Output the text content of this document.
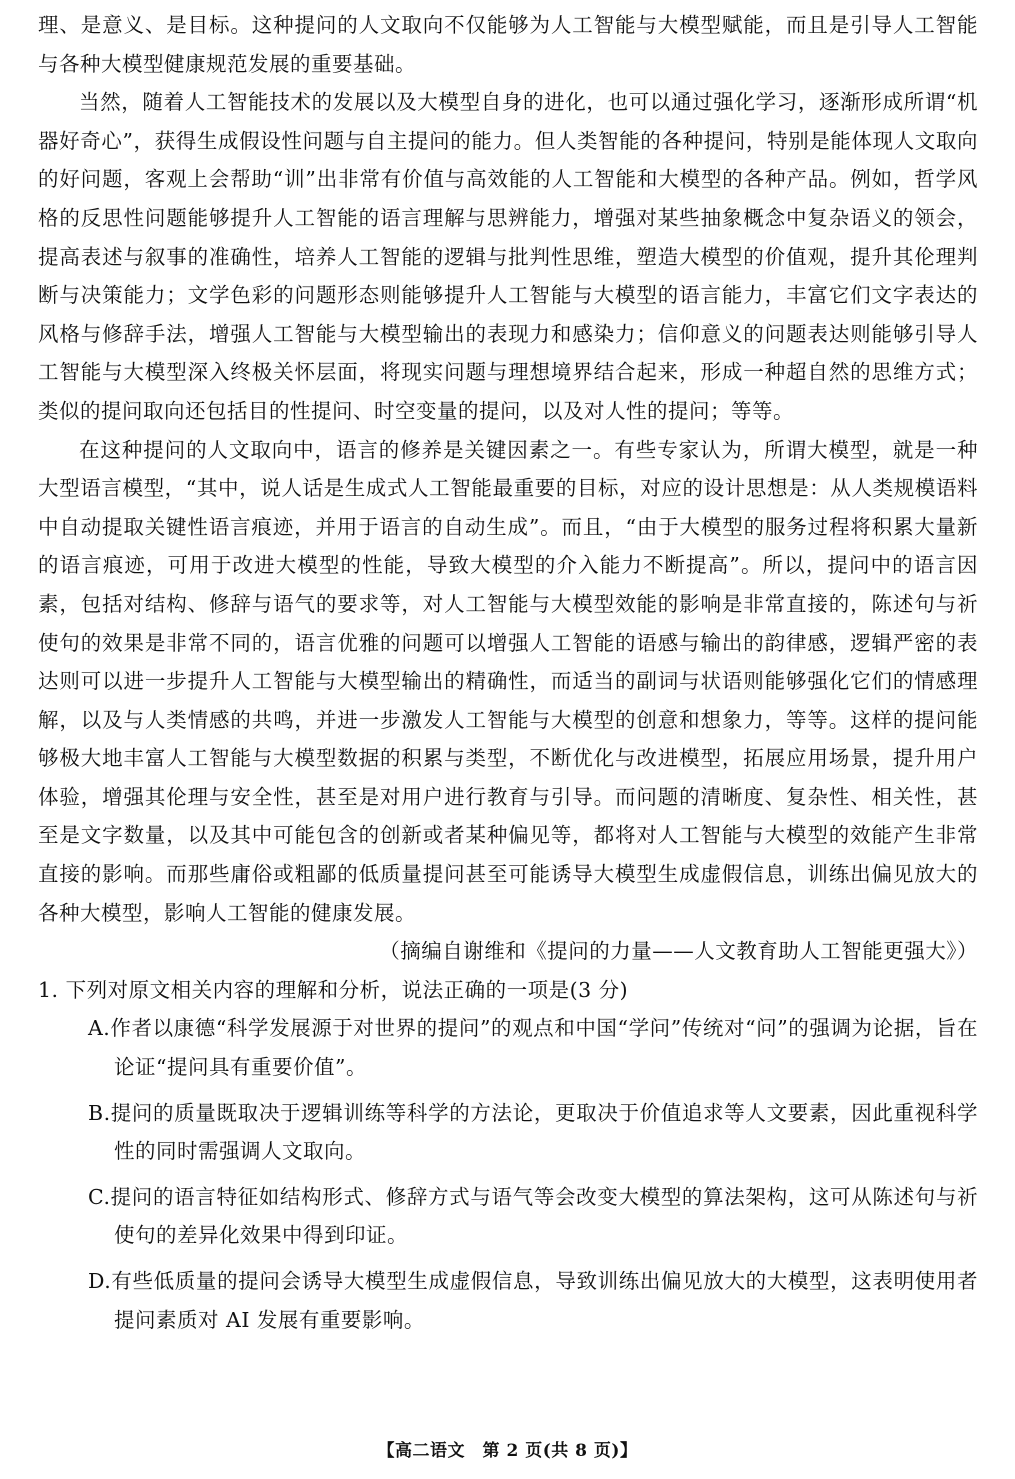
理、是意义、是目标。这种提问的人文取向不仅能够为人工智能与大模型赋能，而且是引导人工智能与各种大模型健康规范发展的重要基础。

当然，随着人工智能技术的发展以及大模型自身的进化，也可以通过强化学习，逐渐形成所谓“机器好奇心”，获得生成假设性问题与自主提问的能力。但人类智能的各种提问，特别是能体现人文取向的好问题，客观上会帮助“训”出非常有价值与高效能的人工智能和大模型的各种产品。例如，哲学风格的反思性问题能够提升人工智能的语言理解与思辨能力，增强对某些抽象概念中复杂语义的领会，提高表述与叙事的准确性，培养人工智能的逻辑与批判性思维，塑造大模型的价值观，提升其伦理判断与决策能力；文学色彩的问题形态则能够提升人工智能与大模型的语言能力，丰富它们文字表达的风格与修辞手法，增强人工智能与大模型输出的表现力和感染力；信仰意义的问题表达则能够引导人工智能与大模型深入终极关怀层面，将现实问题与理想境界结合起来，形成一种超自然的思维方式；类似的提问取向还包括目的性提问、时空变量的提问，以及对人性的提问；等等。

在这种提问的人文取向中，语言的修养是关键因素之一。有些专家认为，所谓大模型，就是一种大型语言模型，“其中，说人话是生成式人工智能最重要的目标，对应的设计思想是：从人类规模语料中自动提取关键性语言痕迹，并用于语言的自动生成”。而且，“由于大模型的服务过程将积累大量新的语言痕迹，可用于改进大模型的性能，导致大模型的介入能力不断提高”。所以，提问中的语言因素，包括对结构、修辞与语气的要求等，对人工智能与大模型效能的影响是非常直接的，陈述句与祈使句的效果是非常不同的，语言优雅的问题可以增强人工智能的语感与输出的韵律感，逻辑严密的表达则可以进一步提升人工智能与大模型输出的精确性，而适当的副词与状语则能够强化它们的情感理解，以及与人类情感的共鸣，并进一步激发人工智能与大模型的创意和想象力，等等。这样的提问能够极大地丰富人工智能与大模型数据的积累与类型，不断优化与改进模型，拓展应用场景，提升用户体验，增强其伦理与安全性，甚至是对用户进行教育与引导。而问题的清晰度、复杂性、相关性，甚至是文字数量，以及其中可能包含的创新或者某种偏见等，都将对人工智能与大模型的效能产生非常直接的影响。而那些庸俗或粗鄙的低质量提问甚至可能诱导大模型生成虚假信息，训练出偏见放大的各种大模型，影响人工智能的健康发展。

（摘编自谢维和《提问的力量——人文教育助人工智能更强大》）

1. 下列对原文相关内容的理解和分析，说法正确的一项是(3 分)

A.作者以康德“科学发展源于对世界的提问”的观点和中国“学问”传统对“问”的强调为论据，旨在论证“提问具有重要价值”。
B.提问的质量既取决于逻辑训练等科学的方法论，更取决于价值追求等人文要素，因此重视科学性的同时需强调人文取向。
C.提问的语言特征如结构形式、修辞方式与语气等会改变大模型的算法架构，这可从陈述句与祈使句的差异化效果中得到印证。
D.有些低质量的提问会诱导大模型生成虚假信息，导致训练出偏见放大的大模型，这表明使用者提问素质对 AI 发展有重要影响。
【高二语文　第 2 页(共 8 页)】
